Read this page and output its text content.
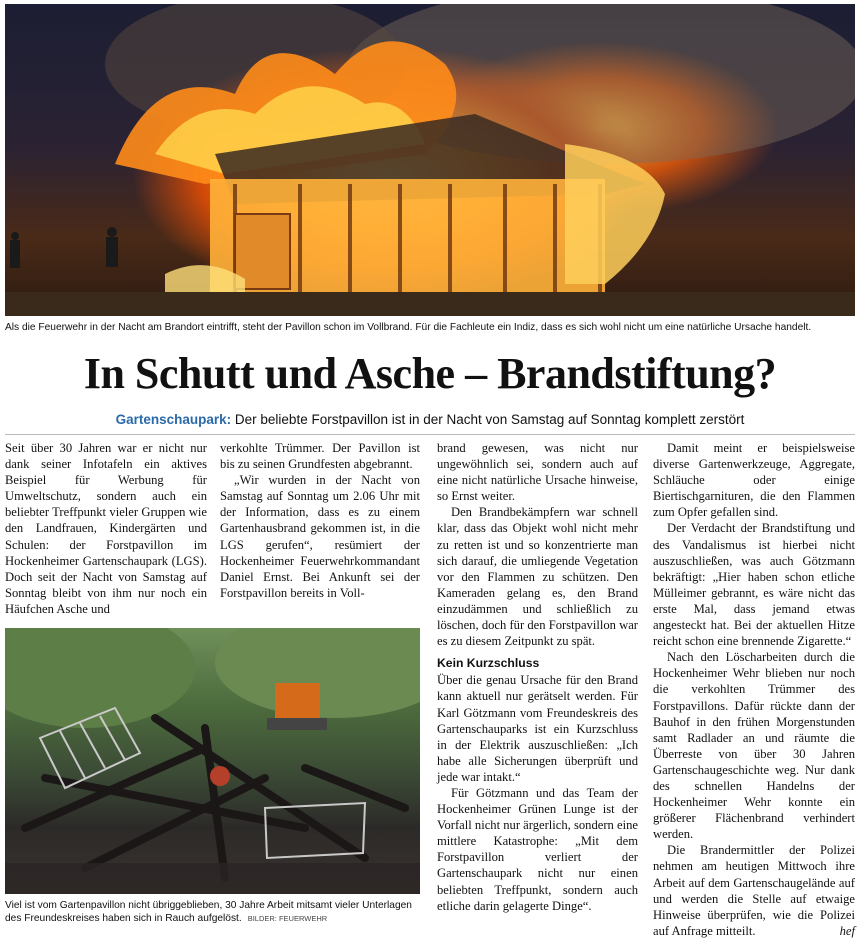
Als die Feuerwehr in der Nacht am Brandort eintrifft, steht der Pavillon schon im Vollbrand. Für die Fachleute ein Indiz, dass es sich wohl nicht um eine natürliche Ursache handelt.
In Schutt und Asche – Brandstiftung?
Gartenschaupark: Der beliebte Forstpavillon ist in der Nacht von Samstag auf Sonntag komplett zerstört

Seit über 30 Jahren war er nicht nur dank seiner Infotafeln ein aktives Beispiel für Werbung für Umweltschutz, sondern auch ein beliebter Treffpunkt vieler Gruppen wie den Landfrauen, Kindergärten und Schulen: der Forstpavillon im Hockenheimer Gartenschaupark (LGS). Doch seit der Nacht von Samstag auf Sonntag bleibt von ihm nur noch ein Häufchen Asche und

verkohlte Trümmer. Der Pavillon ist bis zu seinen Grundfesten abgebrannt.

„Wir wurden in der Nacht von Samstag auf Sonntag um 2.06 Uhr mit der Information, dass es zu einem Gartenhausbrand gekommen ist, in die LGS gerufen“, resümiert der Hockenheimer Feuerwehrkommandant Daniel Ernst. Bei Ankunft sei der Forstpavillon bereits in Voll-

Viel ist vom Gartenpavillon nicht übriggeblieben, 30 Jahre Arbeit mitsamt vieler Unterlagen des Freundeskreises haben sich in Rauch aufgelöst. BILDER: FEUERWEHR

brand gewesen, was nicht nur ungewöhnlich sei, sondern auch auf eine nicht natürliche Ursache hinweise, so Ernst weiter.

Den Brandbekämpfern war schnell klar, dass das Objekt wohl nicht mehr zu retten ist und so konzentrierte man sich darauf, die umliegende Vegetation vor den Flammen zu schützen. Den Kameraden gelang es, den Brand einzudämmen und schließlich zu löschen, doch für den Forstpavillon war es zu diesem Zeitpunkt zu spät.

Kein Kurzschluss

Über die genau Ursache für den Brand kann aktuell nur gerätselt werden. Für Karl Götzmann vom Freundeskreis des Gartenschauparks ist ein Kurzschluss in der Elektrik auszuschließen: „Ich habe alle Sicherungen überprüft und jede war intakt.“

Für Götzmann und das Team der Hockenheimer Grünen Lunge ist der Vorfall nicht nur ärgerlich, sondern eine mittlere Katastrophe: „Mit dem Forstpavillon verliert der Gartenschaupark nicht nur einen beliebten Treffpunkt, sondern auch etliche darin gelagerte Dinge“.

Damit meint er beispielsweise diverse Gartenwerkzeuge, Aggregate, Schläuche oder einige Biertischgarnituren, die den Flammen zum Opfer gefallen sind.

Der Verdacht der Brandstiftung und des Vandalismus ist hierbei nicht auszuschließen, was auch Götzmann bekräftigt: „Hier haben schon etliche Mülleimer gebrannt, es wäre nicht das erste Mal, dass jemand etwas angesteckt hat. Bei der aktuellen Hitze reicht schon eine brennende Zigarette.“

Nach den Löscharbeiten durch die Hockenheimer Wehr blieben nur noch die verkohlten Trümmer des Forstpavillons. Dafür rückte dann der Bauhof in den frühen Morgenstunden samt Radlader an und räumte die Überreste von über 30 Jahren Gartenschaugeschichte weg. Nur dank des schnellen Handelns der Hockenheimer Wehr konnte ein größerer Flächenbrand verhindert werden.

Die Brandermittler der Polizei nehmen am heutigen Mittwoch ihre Arbeit auf dem Gartenschaugelände auf und werden die Stelle auf etwaige Hinweise überprüfen, wie die Polizei auf Anfrage mitteilt.	hef
